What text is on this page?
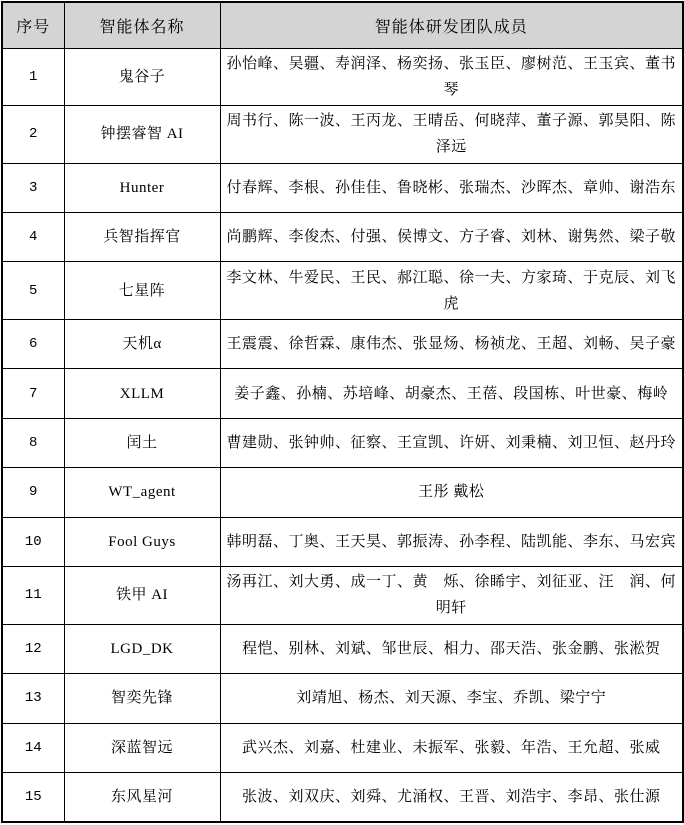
序号	智能体名称	智能体研发团队成员
1	鬼谷子	孙怡峰、吴疆、寿润泽、杨奕扬、张玉臣、廖树范、王玉宾、董书琴
2	钟摆睿智 AI	周书行、陈一波、王丙龙、王晴岳、何晓萍、董子源、郭昊阳、陈泽远
3	Hunter	付春辉、李根、孙佳佳、鲁晓彬、张瑞杰、沙晖杰、章帅、谢浩东
4	兵智指挥官	尚鹏辉、李俊杰、付强、侯博文、方子睿、刘林、谢隽然、梁子敬
5	七星阵	李文林、牛爱民、王民、郝江聪、徐一夫、方家琦、于克辰、刘飞虎
6	天机α	王震震、徐哲霖、康伟杰、张显炀、杨祯龙、王超、刘畅、吴子豪
7	XLLM	姜子鑫、孙楠、苏培峰、胡豪杰、王蓓、段国栋、叶世豪、梅岭
8	闰土	曹建勋、张钟帅、征察、王宣凯、许妍、刘秉楠、刘卫恒、赵丹玲
9	WT_agent	王彤 戴松
10	Fool Guys	韩明磊、丁奥、王天昊、郭振涛、孙李程、陆凯能、李东、马宏宾
11	铁甲 AI	汤再江、刘大勇、成一丁、黄　烁、徐睎宇、刘征亚、汪　润、何明轩
12	LGD_DK	程恺、别林、刘斌、邹世辰、相力、邵天浩、张金鹏、张淞贺
13	智奕先锋	刘靖旭、杨杰、刘天源、李宝、乔凯、梁宁宁
14	深蓝智远	武兴杰、刘嘉、杜建业、未振军、张毅、年浩、王允超、张威
15	东风星河	张波、刘双庆、刘舜、尤涌权、王晋、刘浩宇、李昂、张仕源
